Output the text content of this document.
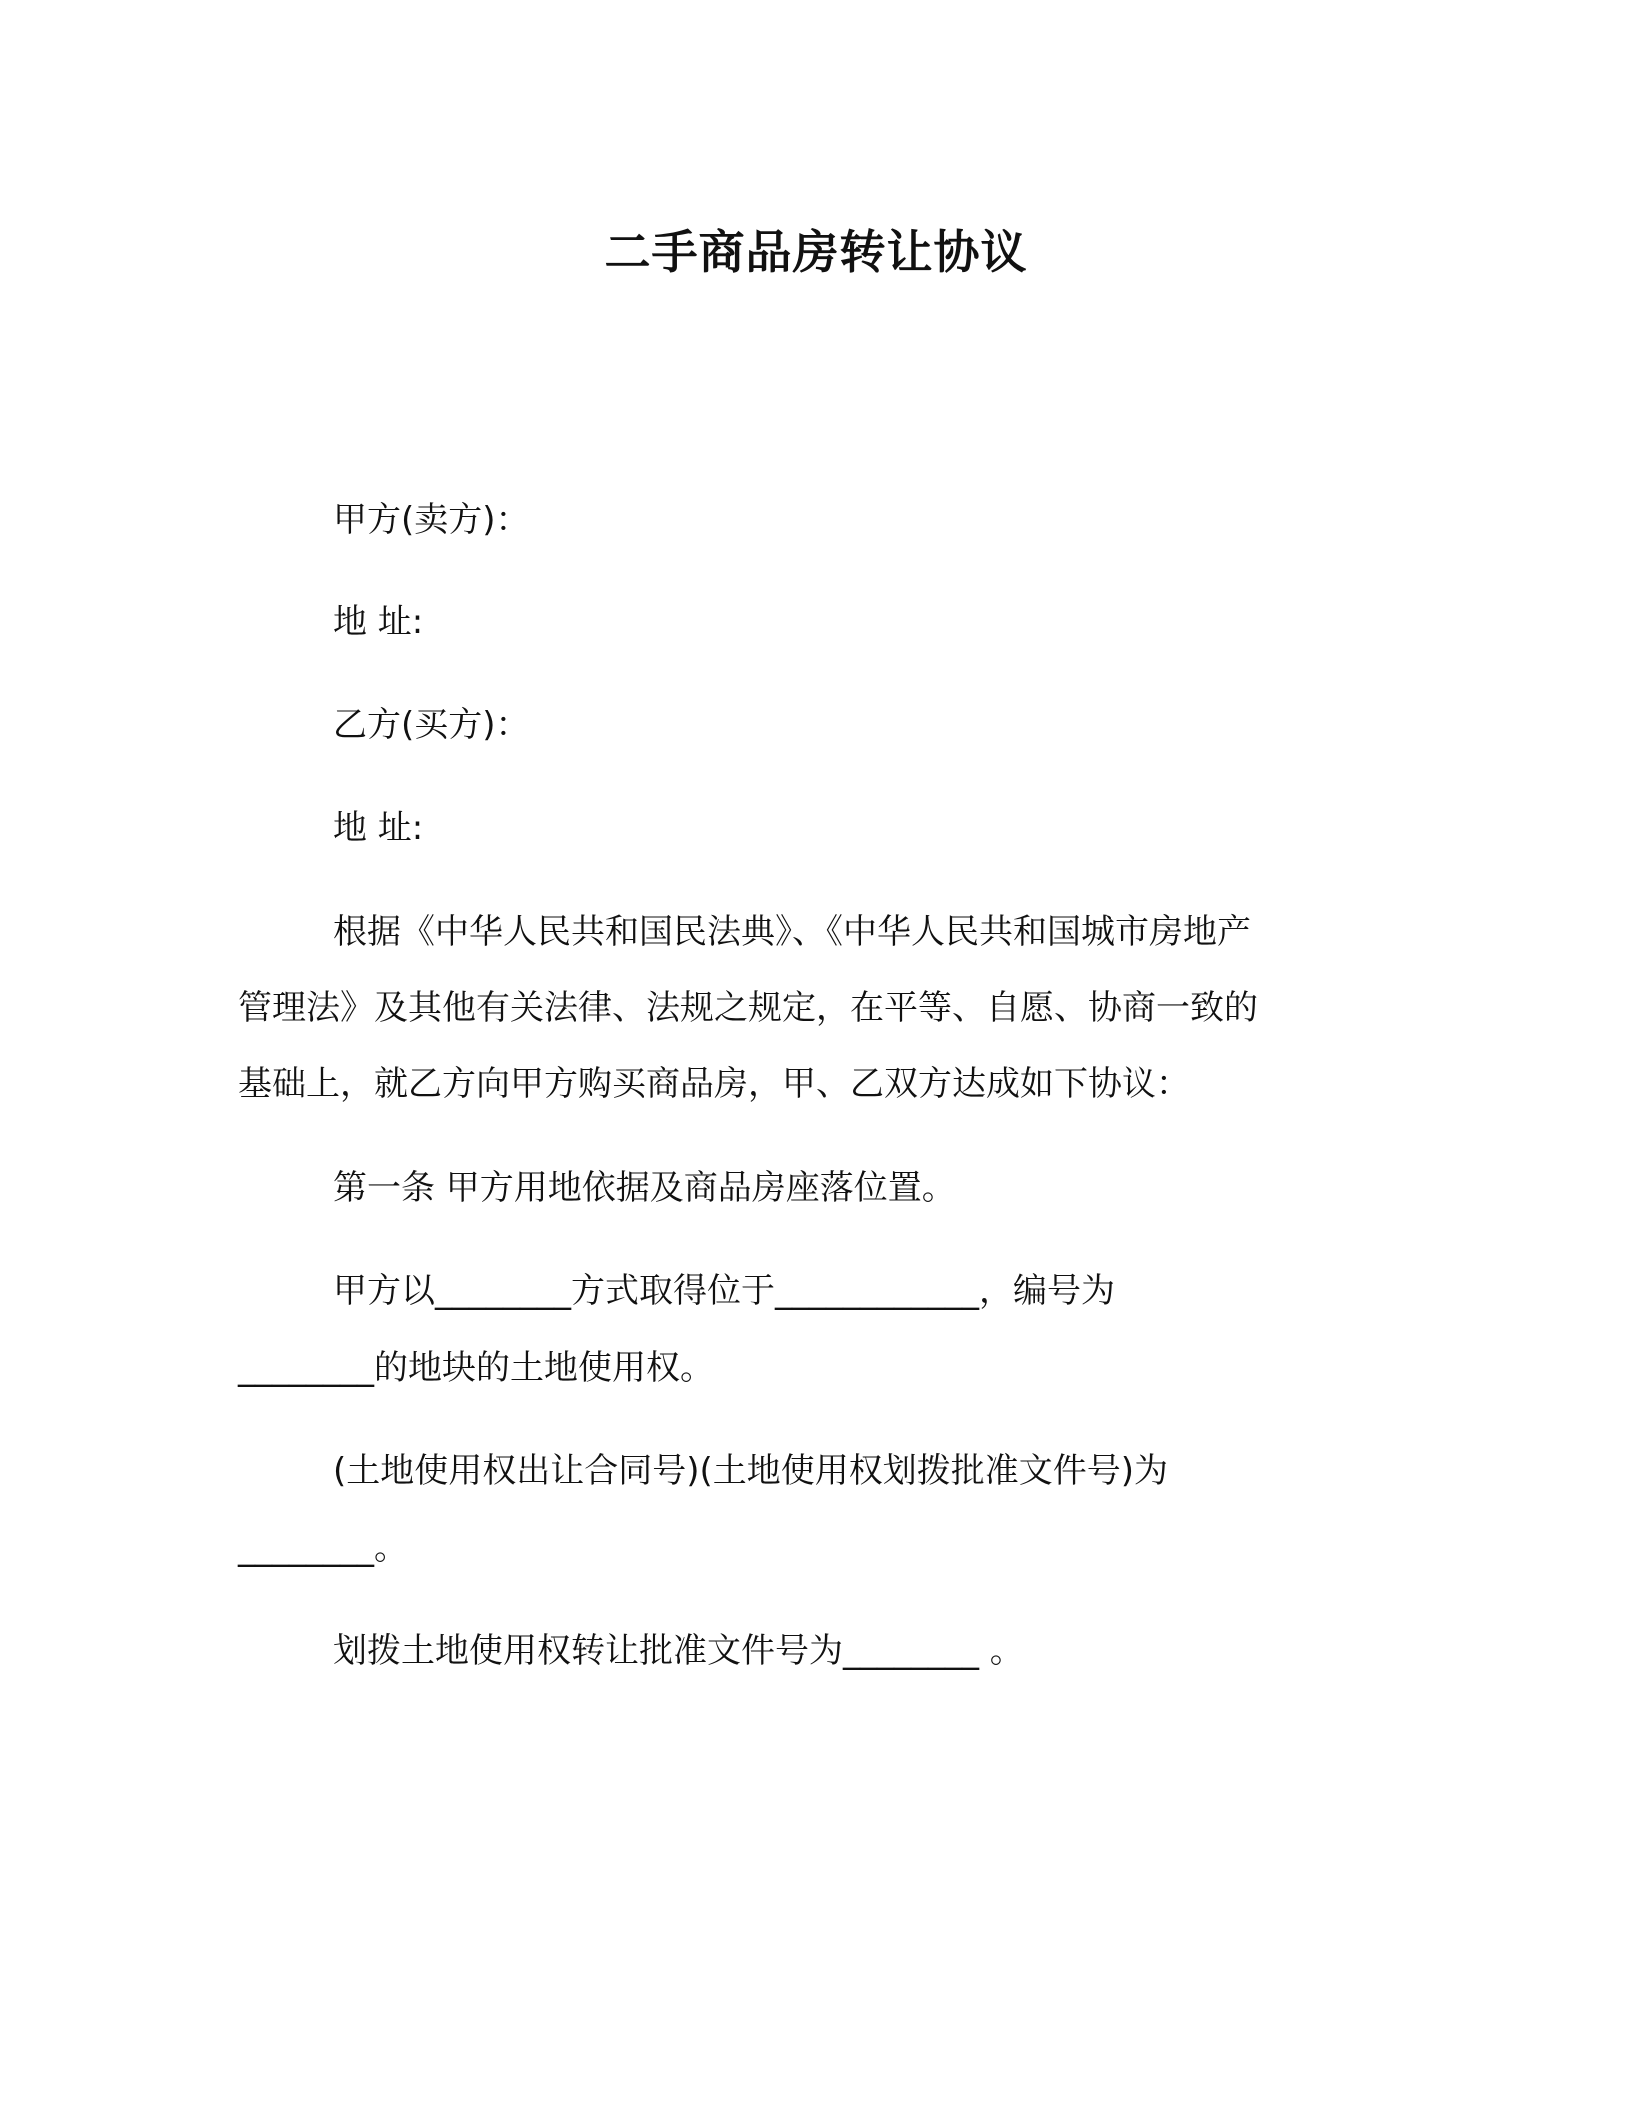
二手商品房转让协议
甲方(卖方)：
地 址:
乙方(买方)：
地 址:
根据《中华人民共和国民法典》、《中华人民共和国城市房地产
管理法》及其他有关法律、法规之规定，在平等、自愿、协商一致的
基础上，就乙方向甲方购买商品房，甲、乙双方达成如下协议：
第一条 甲方用地依据及商品房座落位置。
甲方以________方式取得位于____________，编号为
________的地块的土地使用权。
(土地使用权出让合同号)(土地使用权划拨批准文件号)为
________。
划拨土地使用权转让批准文件号为________ 。
